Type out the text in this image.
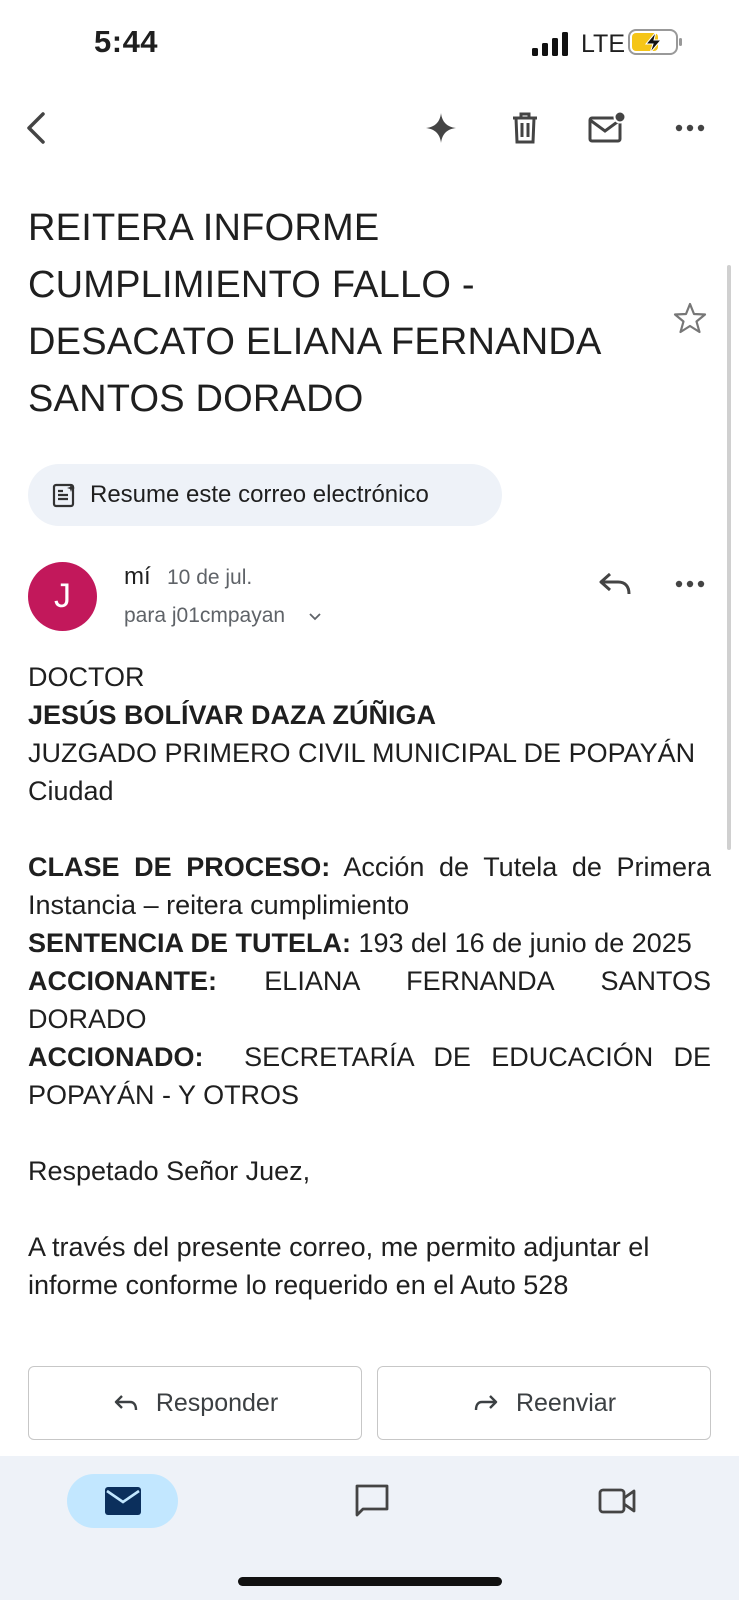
5:44	LTE
REITERA INFORME
CUMPLIMIENTO FALLO -
DESACATO ELIANA FERNANDA
SANTOS DORADO
Resume este correo electrónico
J
mí 10 de jul.
para j01cmpayan

DOCTOR

JESÚS BOLÍVAR DAZA ZÚÑIGA

JUZGADO PRIMERO CIVIL MUNICIPAL DE POPAYÁN

Ciudad

CLASE DE PROCESO: Acción de Tutela de Primera Instancia – reitera cumplimiento

SENTENCIA DE TUTELA: 193 del 16 de junio de 2025

ACCIONANTE: ELIANA FERNANDA SANTOS DORADO

ACCIONADO:  SECRETARÍA DE EDUCACIÓN DE POPAYÁN - Y OTROS

Respetado Señor Juez,

A través del presente correo, me permito adjuntar el informe conforme lo requerido en el Auto 528

Responder	Reenviar
